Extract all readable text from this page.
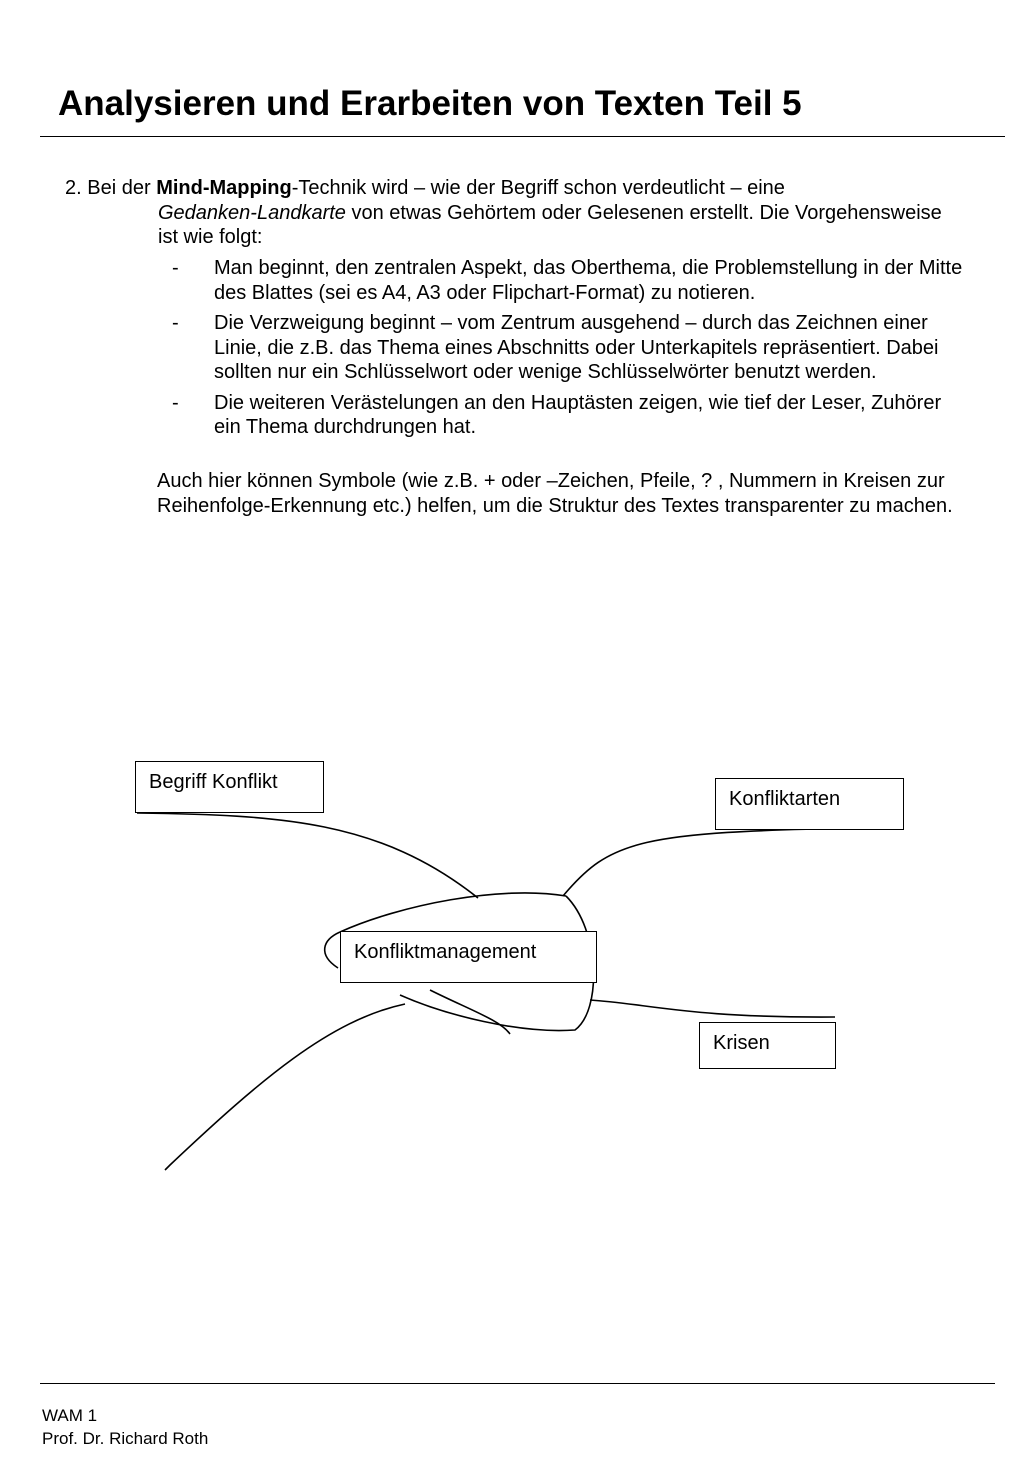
Analysieren und Erarbeiten von Texten Teil 5
2. Bei der Mind-Mapping-Technik wird – wie der Begriff schon verdeutlicht – eine
Gedanken-Landkarte von etwas Gehörtem oder Gelesenen erstellt. Die Vorgehensweise ist wie folgt:
- Man beginnt, den zentralen Aspekt, das Oberthema, die Problemstellung in der Mitte des Blattes (sei es A4, A3 oder Flipchart-Format) zu notieren.
- Die Verzweigung beginnt – vom Zentrum ausgehend – durch das Zeichnen einer Linie, die z.B. das Thema eines Abschnitts oder Unterkapitels repräsentiert. Dabei sollten nur ein Schlüsselwort oder wenige Schlüsselwörter benutzt werden.
- Die weiteren Verästelungen an den Hauptästen zeigen, wie tief der Leser, Zuhörer ein Thema durchdrungen hat.
Auch hier können Symbole (wie z.B. + oder –Zeichen, Pfeile, ? , Nummern in Kreisen zur Reihenfolge-Erkennung etc.) helfen, um die Struktur des Textes transparenter zu machen.
Begriff Konflikt
Konfliktarten
Konfliktmanagement
Krisen
WAM 1
Prof. Dr. Richard Roth
